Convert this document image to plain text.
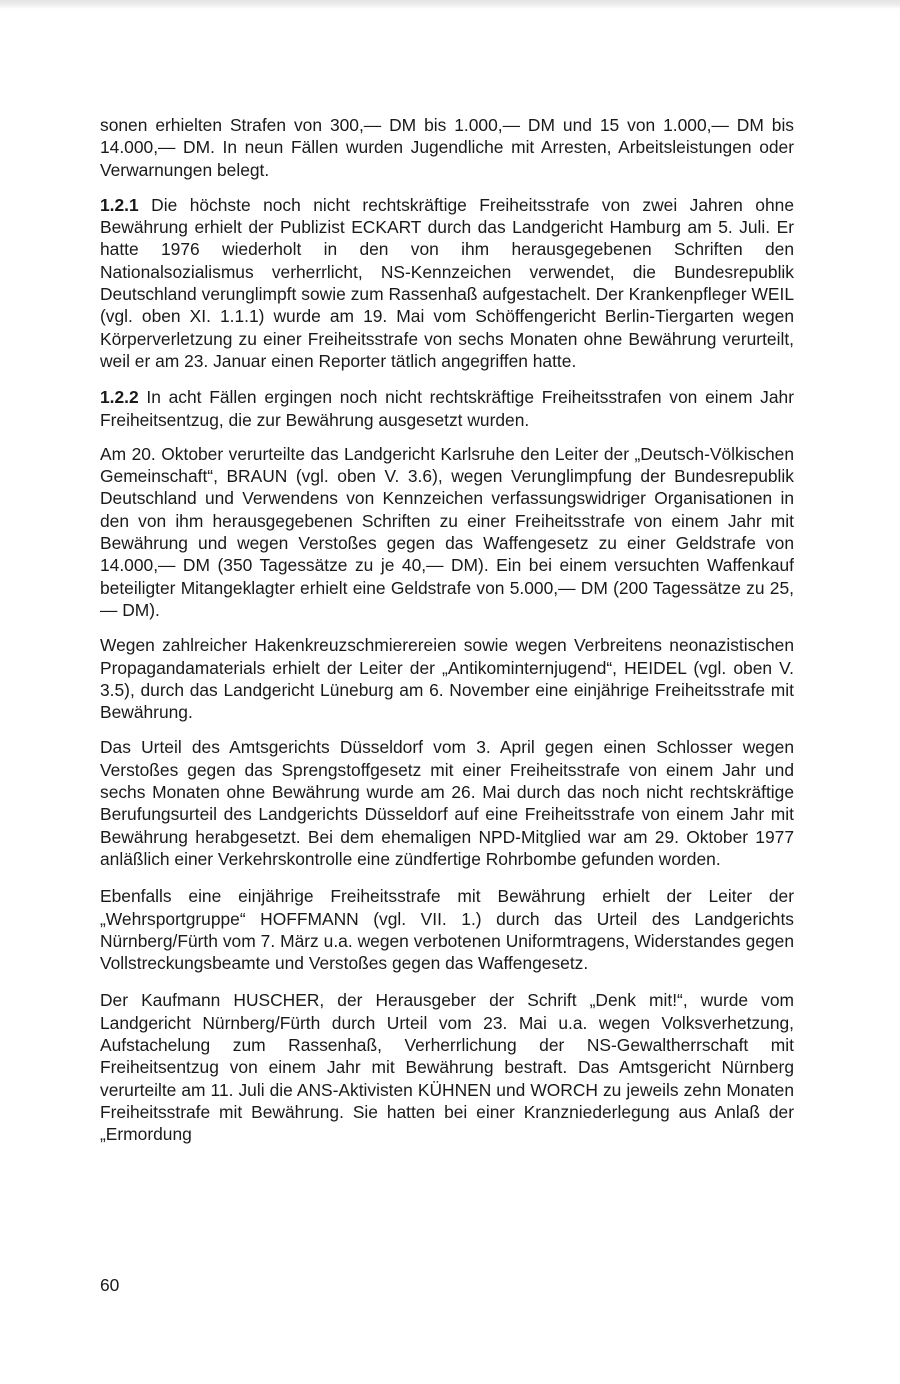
sonen erhielten Strafen von 300,— DM bis 1.000,— DM und 15 von 1.000,— DM bis 14.000,— DM. In neun Fällen wurden Jugendliche mit Arresten, Arbeitsleistungen oder Verwarnungen belegt.

1.2.1 Die höchste noch nicht rechtskräftige Freiheitsstrafe von zwei Jahren ohne Bewährung erhielt der Publizist ECKART durch das Landgericht Hamburg am 5. Juli. Er hatte 1976 wiederholt in den von ihm herausgegebenen Schriften den Nationalsozialismus verherrlicht, NS-Kennzeichen verwendet, die Bundesrepublik Deutschland verunglimpft sowie zum Rassenhaß aufgestachelt. Der Krankenpfleger WEIL (vgl. oben XI. 1.1.1) wurde am 19. Mai vom Schöffengericht Berlin-Tiergarten wegen Körperverletzung zu einer Freiheitsstrafe von sechs Monaten ohne Bewährung verurteilt, weil er am 23. Januar einen Reporter tätlich angegriffen hatte.

1.2.2 In acht Fällen ergingen noch nicht rechtskräftige Freiheitsstrafen von einem Jahr Freiheitsentzug, die zur Bewährung ausgesetzt wurden.

Am 20. Oktober verurteilte das Landgericht Karlsruhe den Leiter der „Deutsch-Völkischen Gemeinschaft“, BRAUN (vgl. oben V. 3.6), wegen Verunglimpfung der Bundesrepublik Deutschland und Verwendens von Kennzeichen verfassungswidriger Organisationen in den von ihm herausgegebenen Schriften zu einer Freiheitsstrafe von einem Jahr mit Bewährung und wegen Verstoßes gegen das Waffengesetz zu einer Geldstrafe von 14.000,— DM (350 Tagessätze zu je 40,— DM). Ein bei einem versuchten Waffenkauf beteiligter Mitangeklagter erhielt eine Geldstrafe von 5.000,— DM (200 Tagessätze zu 25,— DM).

Wegen zahlreicher Hakenkreuzschmierereien sowie wegen Verbreitens neonazistischen Propagandamaterials erhielt der Leiter der „Antikominternjugend“, HEIDEL (vgl. oben V. 3.5), durch das Landgericht Lüneburg am 6. November eine einjährige Freiheitsstrafe mit Bewährung.

Das Urteil des Amtsgerichts Düsseldorf vom 3. April gegen einen Schlosser wegen Verstoßes gegen das Sprengstoffgesetz mit einer Freiheitsstrafe von einem Jahr und sechs Monaten ohne Bewährung wurde am 26. Mai durch das noch nicht rechtskräftige Berufungsurteil des Landgerichts Düsseldorf auf eine Freiheitsstrafe von einem Jahr mit Bewährung herabgesetzt. Bei dem ehemaligen NPD-Mitglied war am 29. Oktober 1977 anläßlich einer Verkehrskontrolle eine zündfertige Rohrbombe gefunden worden.

Ebenfalls eine einjährige Freiheitsstrafe mit Bewährung erhielt der Leiter der „Wehrsportgruppe“ HOFFMANN (vgl. VII. 1.) durch das Urteil des Landgerichts Nürnberg/Fürth vom 7. März u.a. wegen verbotenen Uniformtragens, Widerstandes gegen Vollstreckungsbeamte und Verstoßes gegen das Waffengesetz.

Der Kaufmann HUSCHER, der Herausgeber der Schrift „Denk mit!“, wurde vom Landgericht Nürnberg/Fürth durch Urteil vom 23. Mai u.a. wegen Volksverhetzung, Aufstachelung zum Rassenhaß, Verherrlichung der NS-Gewaltherrschaft mit Freiheitsentzug von einem Jahr mit Bewährung bestraft. Das Amtsgericht Nürnberg verurteilte am 11. Juli die ANS-Aktivisten KÜHNEN und WORCH zu jeweils zehn Monaten Freiheitsstrafe mit Bewährung. Sie hatten bei einer Kranzniederlegung aus Anlaß der „Ermordung

60
